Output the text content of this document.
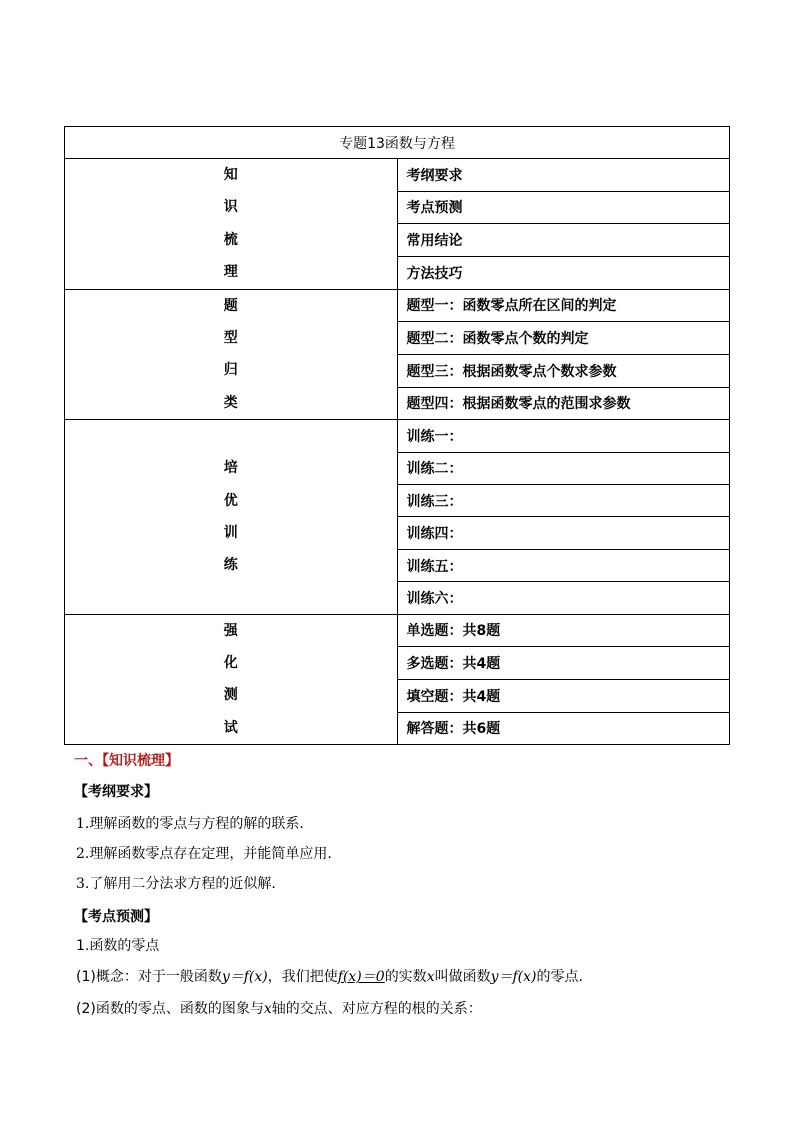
专题13函数与方程	

知
识
梳
理	考纲要求
	考点预测
	常用结论
	方法技巧

题
型
归
类	题型一：函数零点所在区间的判定
	题型二：函数零点个数的判定
	题型三：根据函数零点个数求参数
	题型四：根据函数零点的范围求参数

培
优
训
练	训练一：
	训练二：
	训练三：
	训练四：
	训练五：
	训练六：

强
化
测
试	单选题：共8题
	多选题：共4题
	填空题：共4题
	解答题：共6题
一、【知识梳理】
【考纲要求】
1.理解函数的零点与方程的解的联系.
2.理解函数零点存在定理，并能简单应用.
3.了解用二分法求方程的近似解.
【考点预测】
1.函数的零点
(1)概念：对于一般函数y＝f(x)，我们把使f(x)＝0的实数x叫做函数y＝f(x)的零点.
(2)函数的零点、函数的图象与x轴的交点、对应方程的根的关系：
